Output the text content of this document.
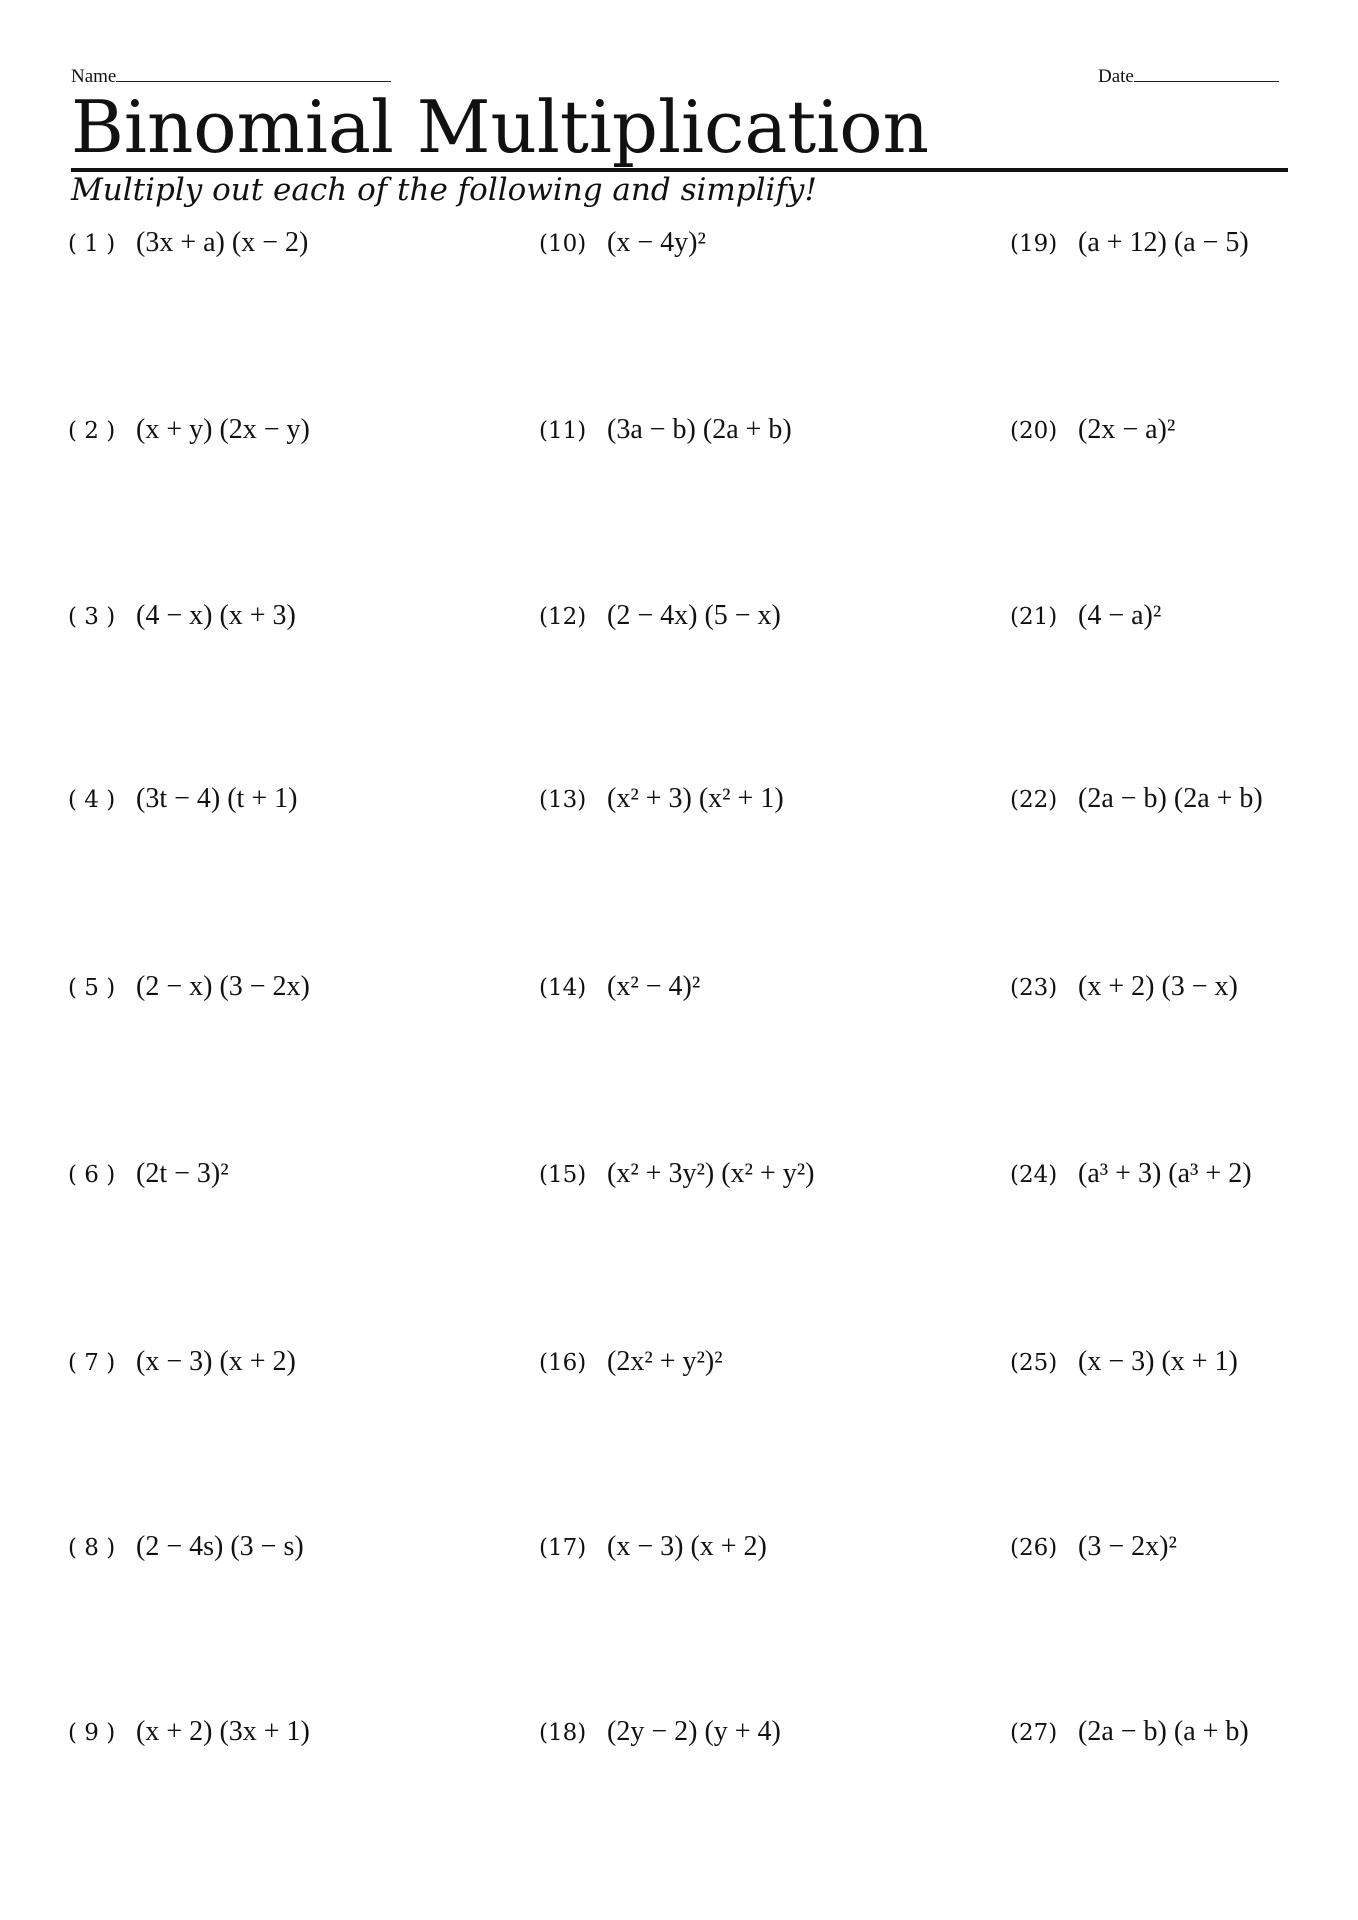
Name	Date
Binomial Multiplication
Multiply out each of the following and simplify!
( 1 ) (3x + a) (x − 2)
( 2 ) (x + y) (2x − y)
( 3 ) (4 − x) (x + 3)
( 4 ) (3t − 4) (t + 1)
( 5 ) (2 − x) (3 − 2x)
( 6 ) (2t − 3)²
( 7 ) (x − 3) (x + 2)
( 8 ) (2 − 4s) (3 − s)
( 9 ) (x + 2) (3x + 1)
(10) (x − 4y)²
(11) (3a − b) (2a + b)
(12) (2 − 4x) (5 − x)
(13) (x² + 3) (x² + 1)
(14) (x² − 4)²
(15) (x² + 3y²) (x² + y²)
(16) (2x² + y²)²
(17) (x − 3) (x + 2)
(18) (2y − 2) (y + 4)
(19) (a + 12) (a − 5)
(20) (2x − a)²
(21) (4 − a)²
(22) (2a − b) (2a + b)
(23) (x + 2) (3 − x)
(24) (a³ + 3) (a³ + 2)
(25) (x − 3) (x + 1)
(26) (3 − 2x)²
(27) (2a − b) (a + b)
